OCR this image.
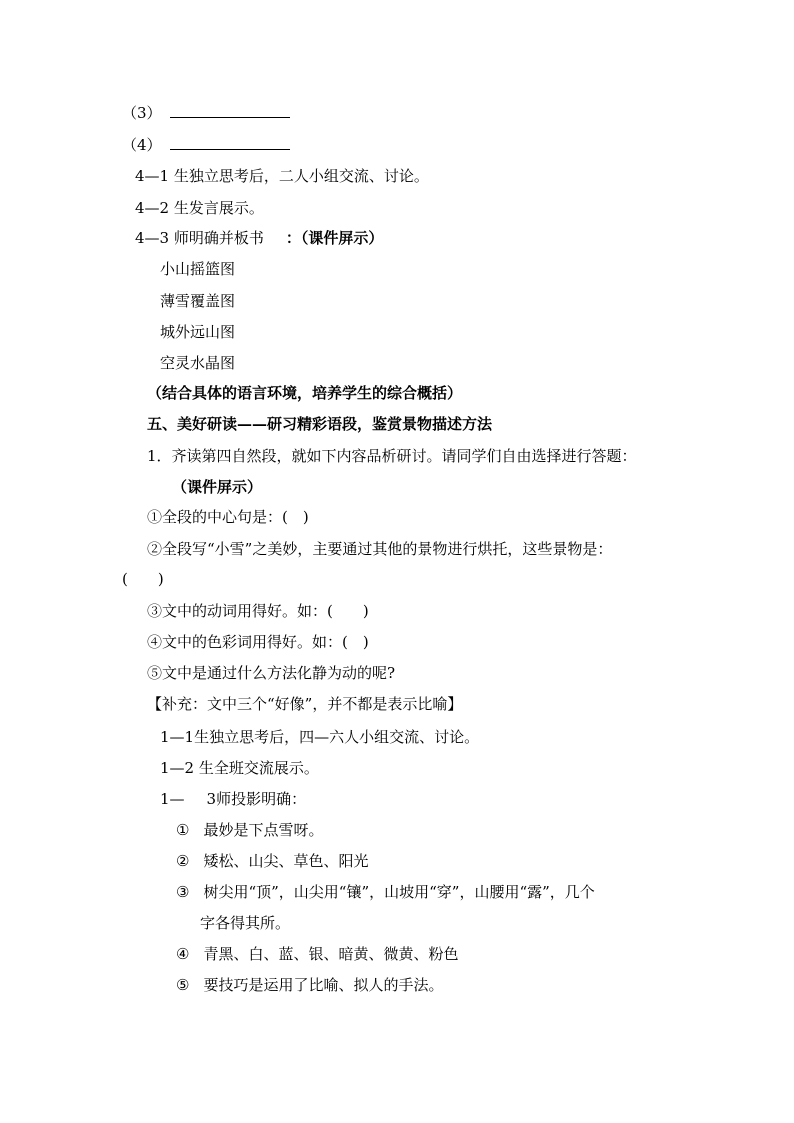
（3）
（4）
4—1 生独立思考后，二人小组交流、讨论。
4—2 生发言展示。
4—3 师明确并板书 ：（课件屏示）
小山摇篮图
薄雪覆盖图
城外远山图
空灵水晶图
（结合具体的语言环境，培养学生的综合概括）
五、美好研读——研习精彩语段，鉴赏景物描述方法
1．齐读第四自然段，就如下内容品析研讨。请同学们自由选择进行答题：
（课件屏示）
①全段的中心句是：(　)
②全段写“小雪”之美妙，主要通过其他的景物进行烘托，这些景物是：
(　　)
③文中的动词用得好。如：(　　)
④文中的色彩词用得好。如：(　)
⑤文中是通过什么方法化静为动的呢?
【补充：文中三个“好像”，并不都是表示比喻】
1—1生独立思考后，四—六人小组交流、讨论。
1—2 生全班交流展示。
1— 3师投影明确：
① 最妙是下点雪呀。
② 矮松、山尖、草色、阳光
③ 树尖用“顶”，山尖用“镶”，山坡用“穿”，山腰用“露”，几个
字各得其所。
④ 青黑、白、蓝、银、暗黄、微黄、粉色
⑤ 要技巧是运用了比喻、拟人的手法。
